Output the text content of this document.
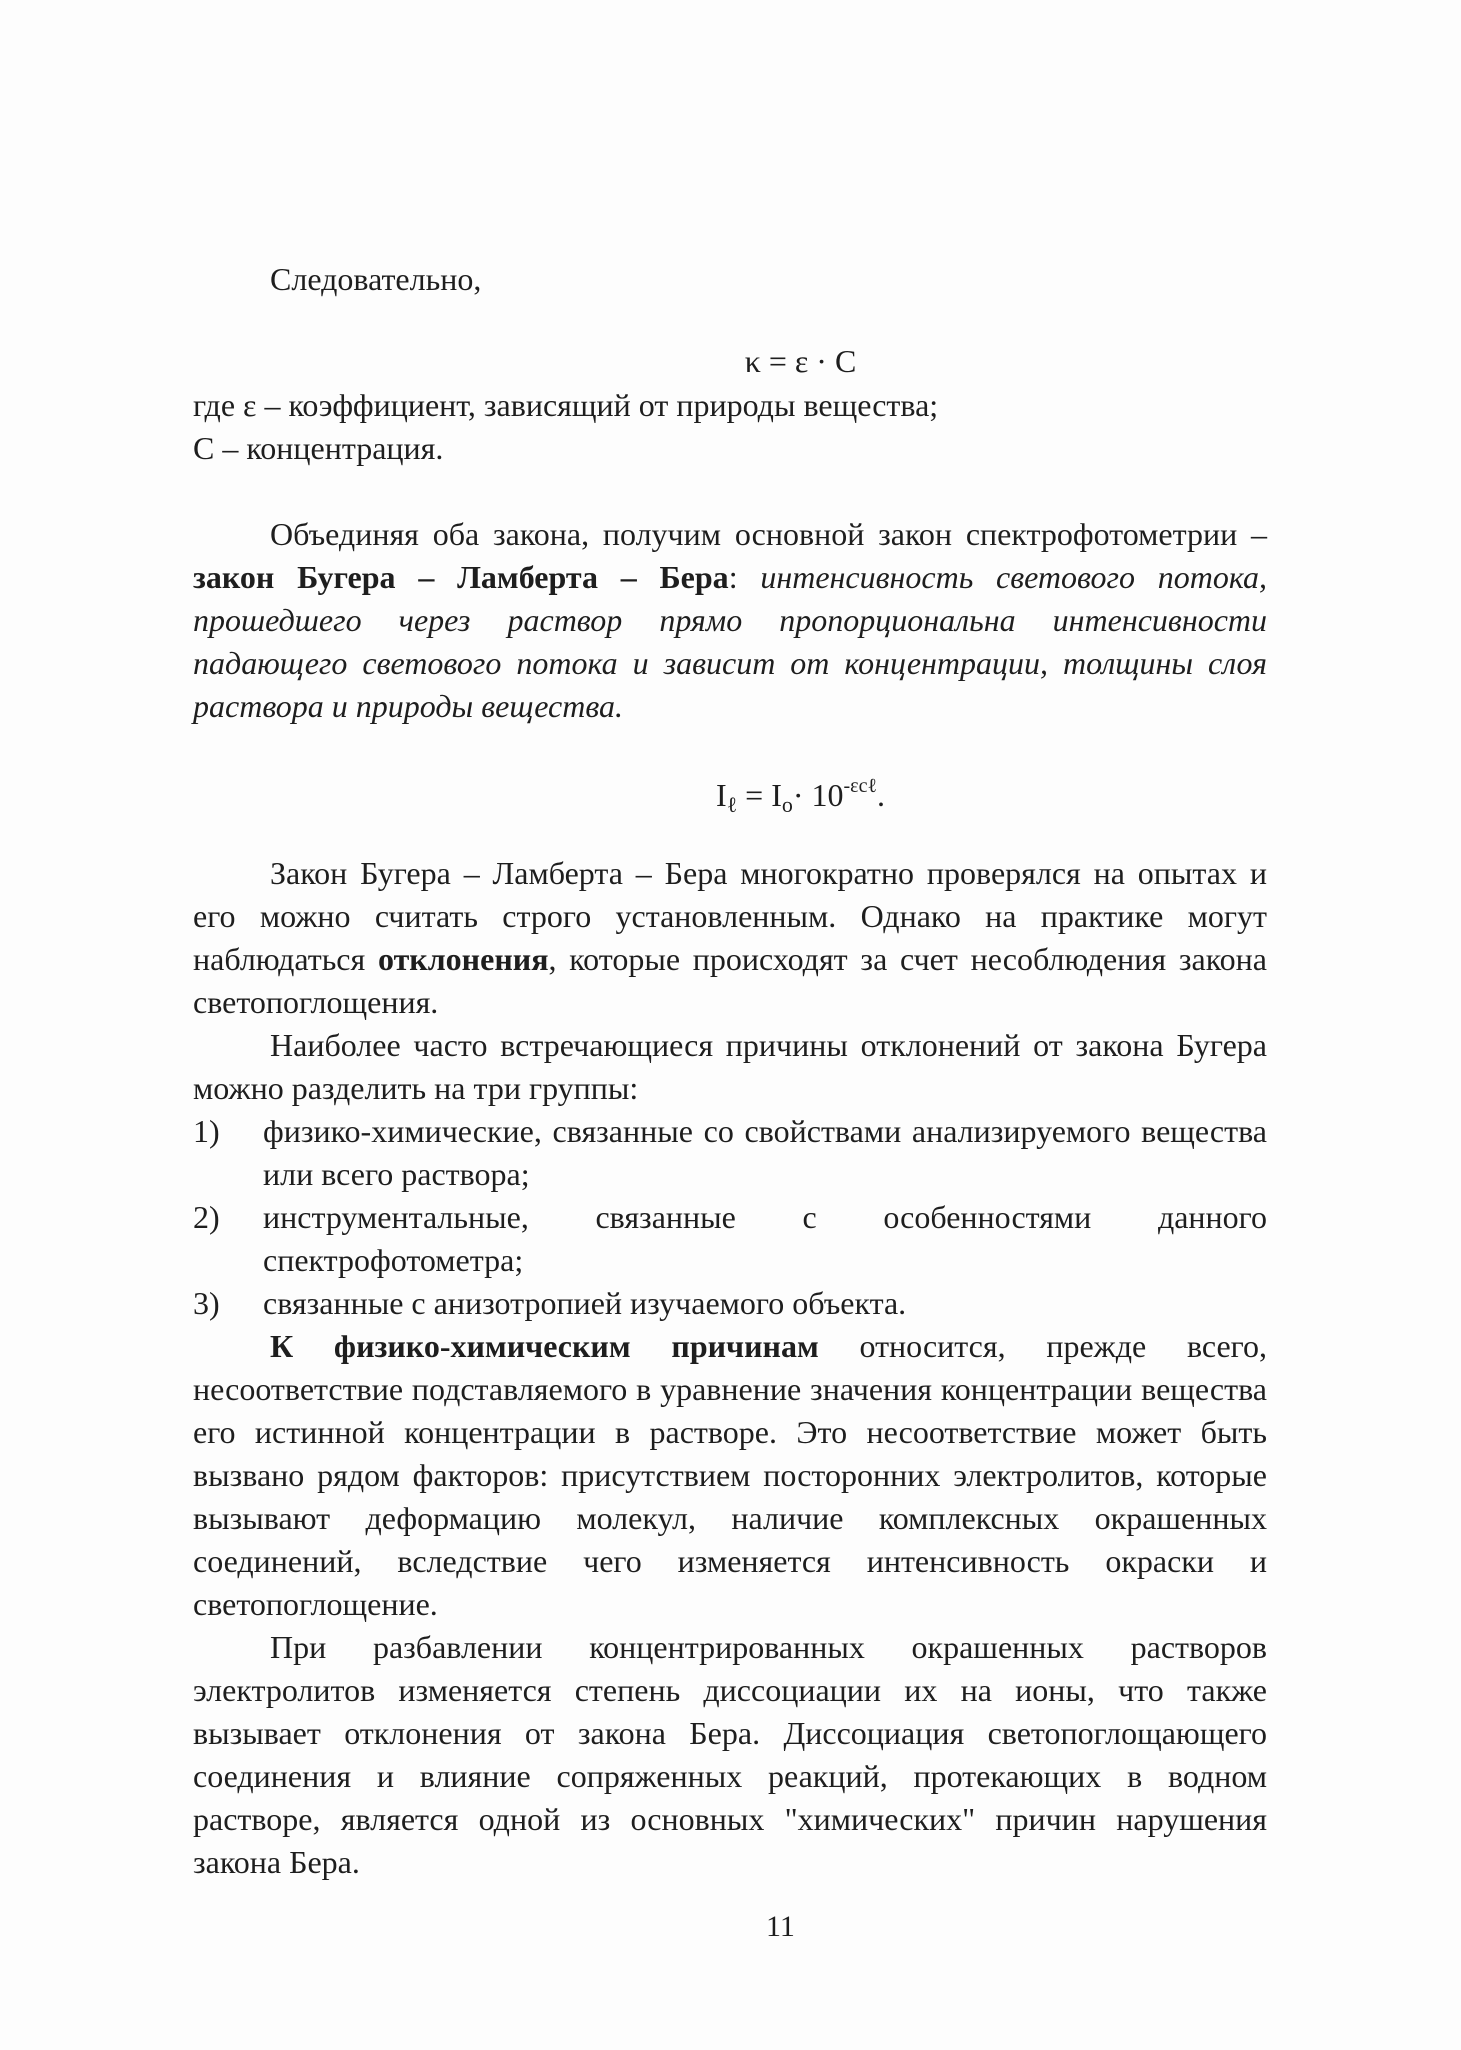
Следовательно,

κ = ε · C

где ε – коэффициент, зависящий от природы вещества;

C – концентрация.

Объединяя оба закона, получим основной закон спектрофотометрии – закон Бугера – Ламберта – Бера: интенсивность светового потока, прошедшего через раствор прямо пропорциональна интенсивности падающего светового потока и зависит от концентрации, толщины слоя раствора и природы вещества.

$I_\ell = I_o\cdot 10^{-\varepsilon c\ell}$.

Закон Бугера – Ламберта – Бера многократно проверялся на опытах и его можно считать строго установленным. Однако на практике могут наблюдаться отклонения, которые происходят за счет несоблюдения закона светопоглощения.

Наиболее часто встречающиеся причины отклонений от закона Бугера можно разделить на три группы:

1) физико-химические, связанные со свойствами анализируемого вещества или всего раствора;
2) инструментальные, связанные с особенностями данного спектрофотометра;
3) связанные с анизотропией изучаемого объекта.

К физико-химическим причинам относится, прежде всего, несоответствие подставляемого в уравнение значения концентрации вещества его истинной концентрации в растворе. Это несоответствие может быть вызвано рядом факторов: присутствием посторонних электролитов, которые вызывают деформацию молекул, наличие комплексных окрашенных соединений, вследствие чего изменяется интенсивность окраски и светопоглощение.

При разбавлении концентрированных окрашенных растворов электролитов изменяется степень диссоциации их на ионы, что также вызывает отклонения от закона Бера. Диссоциация светопоглощающего соединения и влияние сопряженных реакций, протекающих в водном растворе, является одной из основных "химических" причин нарушения закона Бера.

11
